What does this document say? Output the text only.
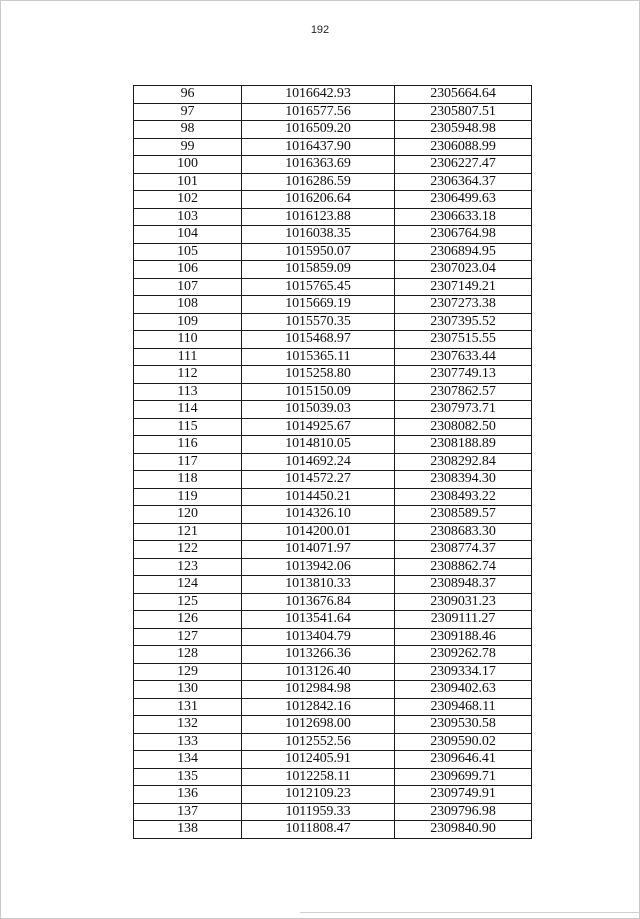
192
96	1016642.93	2305664.64
97	1016577.56	2305807.51
98	1016509.20	2305948.98
99	1016437.90	2306088.99
100	1016363.69	2306227.47
101	1016286.59	2306364.37
102	1016206.64	2306499.63
103	1016123.88	2306633.18
104	1016038.35	2306764.98
105	1015950.07	2306894.95
106	1015859.09	2307023.04
107	1015765.45	2307149.21
108	1015669.19	2307273.38
109	1015570.35	2307395.52
110	1015468.97	2307515.55
111	1015365.11	2307633.44
112	1015258.80	2307749.13
113	1015150.09	2307862.57
114	1015039.03	2307973.71
115	1014925.67	2308082.50
116	1014810.05	2308188.89
117	1014692.24	2308292.84
118	1014572.27	2308394.30
119	1014450.21	2308493.22
120	1014326.10	2308589.57
121	1014200.01	2308683.30
122	1014071.97	2308774.37
123	1013942.06	2308862.74
124	1013810.33	2308948.37
125	1013676.84	2309031.23
126	1013541.64	2309111.27
127	1013404.79	2309188.46
128	1013266.36	2309262.78
129	1013126.40	2309334.17
130	1012984.98	2309402.63
131	1012842.16	2309468.11
132	1012698.00	2309530.58
133	1012552.56	2309590.02
134	1012405.91	2309646.41
135	1012258.11	2309699.71
136	1012109.23	2309749.91
137	1011959.33	2309796.98
138	1011808.47	2309840.90
